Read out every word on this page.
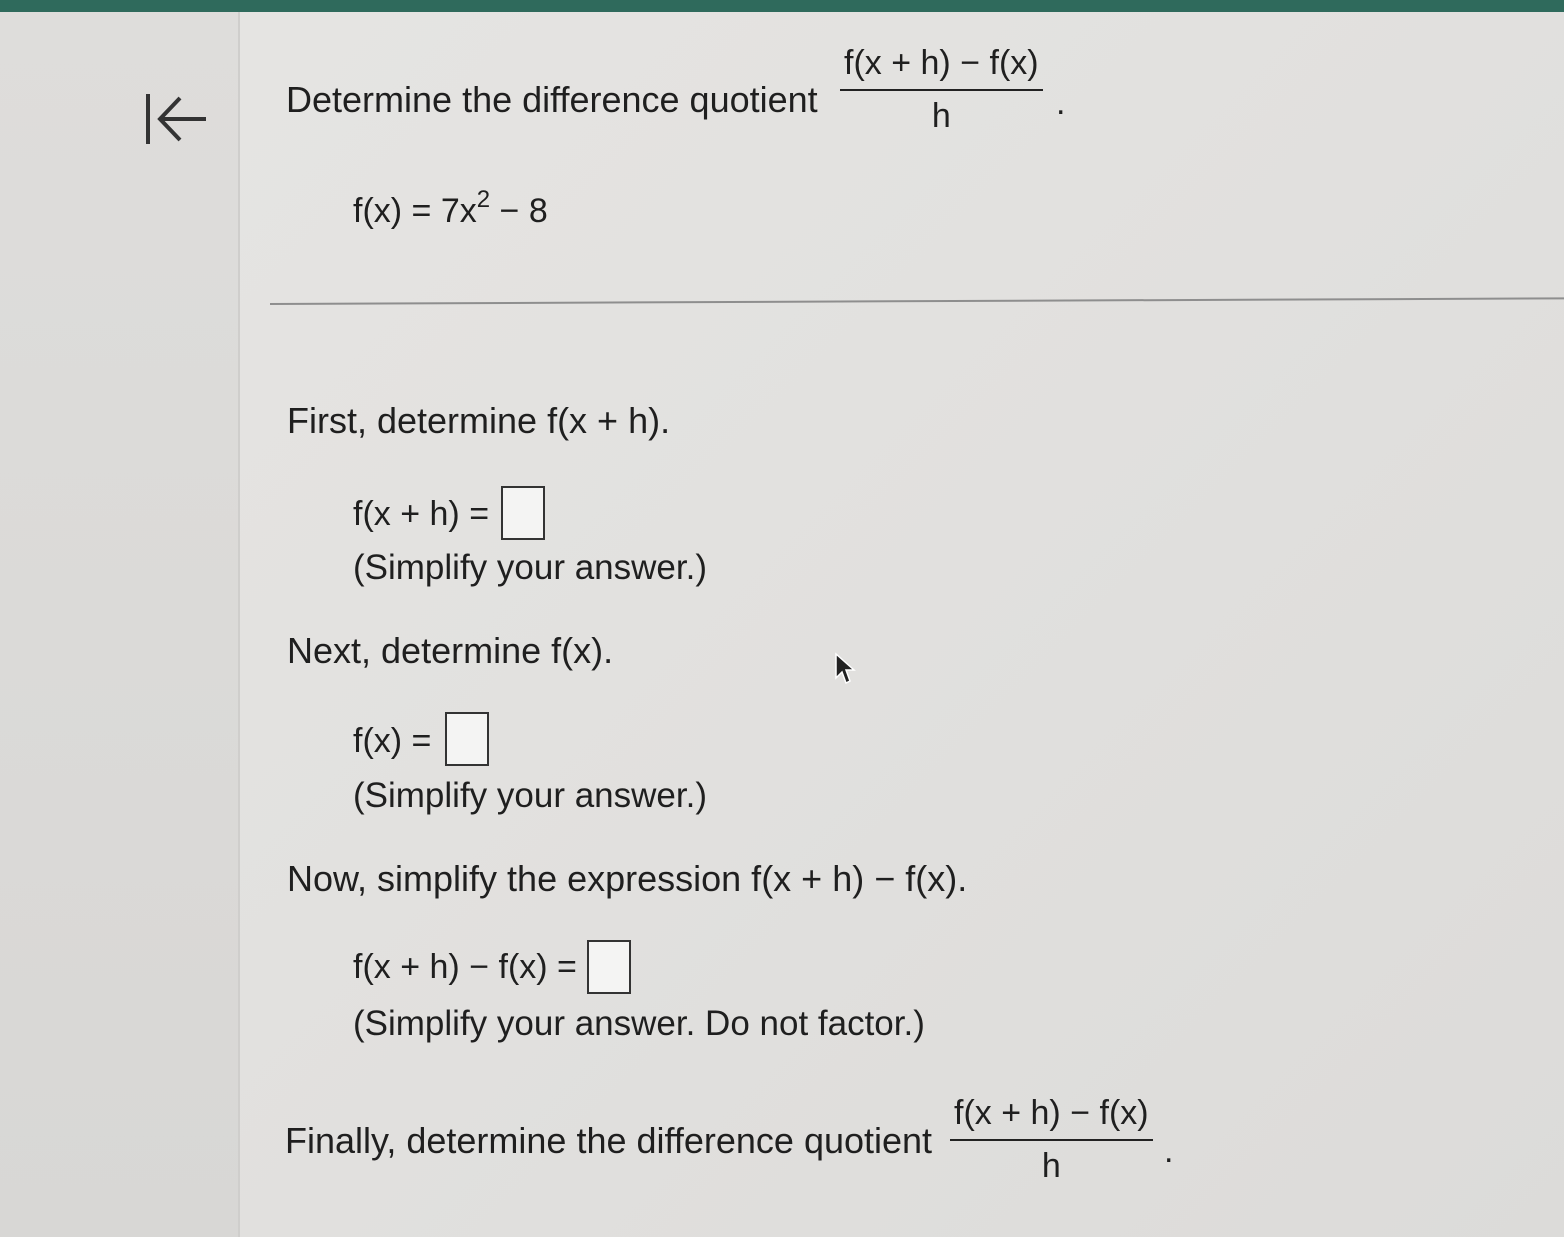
Determine the difference quotient $\frac{f(x + h) - f(x)}{h}$ .
$f(x) = 7x^2 - 8$
First, determine f(x + h).
f(x + h) =
(Simplify your answer.)
Next, determine f(x).
f(x) =
(Simplify your answer.)
Now, simplify the expression f(x + h) − f(x).
f(x + h) − f(x) =
(Simplify your answer. Do not factor.)
Finally, determine the difference quotient $\frac{f(x + h) - f(x)}{h}$ .
